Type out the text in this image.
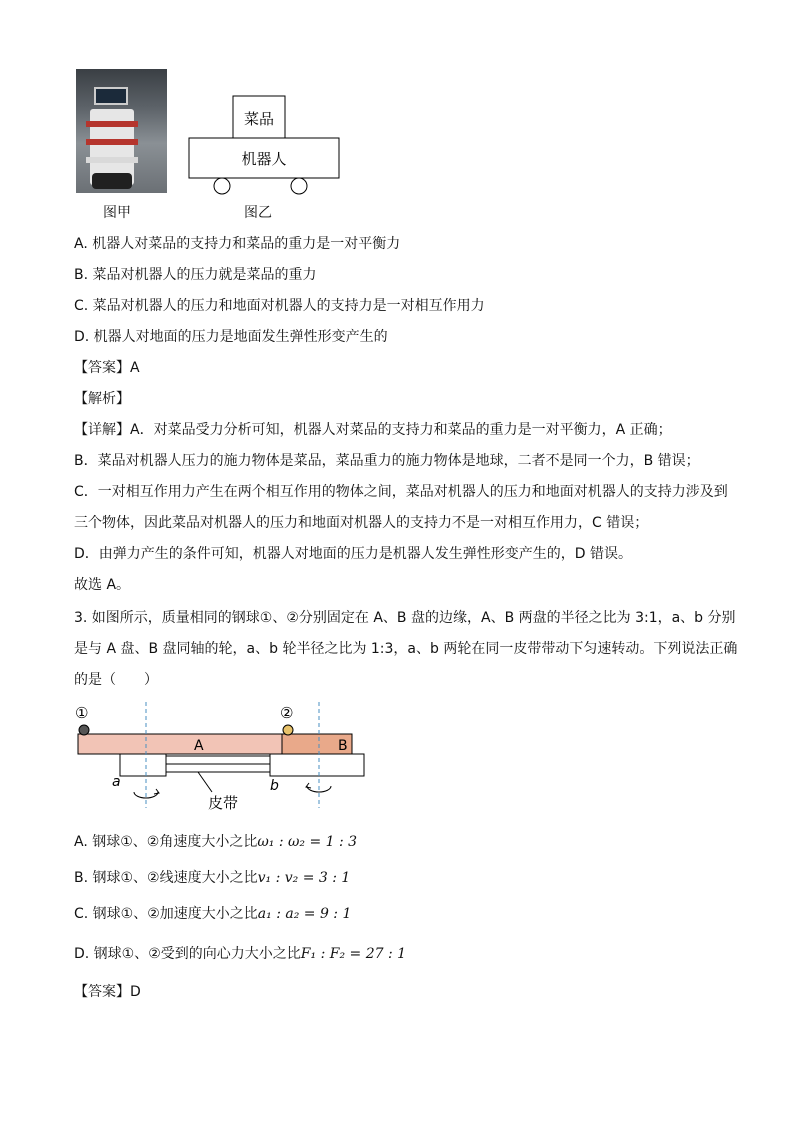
菜品
机器人
图甲	图乙
A. 机器人对菜品的支持力和菜品的重力是一对平衡力
B. 菜品对机器人的压力就是菜品的重力
C. 菜品对机器人的压力和地面对机器人的支持力是一对相互作用力
D. 机器人对地面的压力是地面发生弹性形变产生的
【答案】A
【解析】
【详解】A．对菜品受力分析可知，机器人对菜品的支持力和菜品的重力是一对平衡力，A 正确；
B．菜品对机器人压力的施力物体是菜品，菜品重力的施力物体是地球，二者不是同一个力，B 错误；
C．一对相互作用力产生在两个相互作用的物体之间，菜品对机器人的压力和地面对机器人的支持力涉及到
三个物体，因此菜品对机器人的压力和地面对机器人的支持力不是一对相互作用力，C 错误；
D．由弹力产生的条件可知，机器人对地面的压力是机器人发生弹性形变产生的，D 错误。
故选 A。
3. 如图所示，质量相同的钢球①、②分别固定在 A、B 盘的边缘，A、B 两盘的半径之比为 3:1，a、b 分别
是与 A 盘、B 盘同轴的轮，a、b 轮半径之比为 1:3，a、b 两轮在同一皮带带动下匀速转动。下列说法正确
的是（　　）
①	②
A	B
a	b
皮带
A. 钢球①、②角速度大小之比ω₁ : ω₂ = 1 : 3
B. 钢球①、②线速度大小之比v₁ : v₂ = 3 : 1
C. 钢球①、②加速度大小之比a₁ : a₂ = 9 : 1
D. 钢球①、②受到的向心力大小之比F₁ : F₂ = 27 : 1
【答案】D
